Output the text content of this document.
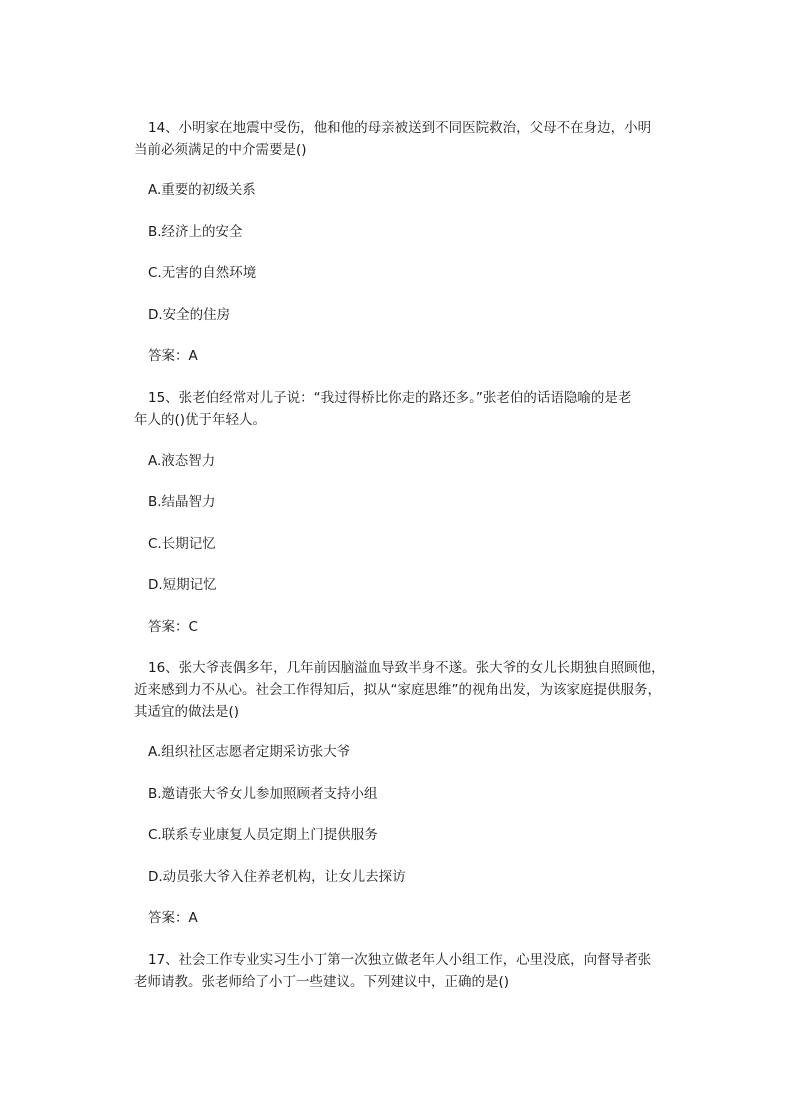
14、小明家在地震中受伤，他和他的母亲被送到不同医院救治，父母不在身边，小明
当前必须满足的中介需要是()
A.重要的初级关系
B.经济上的安全
C.无害的自然环境
D.安全的住房
答案：A
15、张老伯经常对儿子说：“我过得桥比你走的路还多。”张老伯的话语隐喻的是老
年人的()优于年轻人。
A.液态智力
B.结晶智力
C.长期记忆
D.短期记忆
答案：C
16、张大爷丧偶多年，几年前因脑溢血导致半身不遂。张大爷的女儿长期独自照顾他，
近来感到力不从心。社会工作得知后，拟从“家庭思维”的视角出发，为该家庭提供服务，
其适宜的做法是()
A.组织社区志愿者定期采访张大爷
B.邀请张大爷女儿参加照顾者支持小组
C.联系专业康复人员定期上门提供服务
D.动员张大爷入住养老机构，让女儿去探访
答案：A
17、社会工作专业实习生小丁第一次独立做老年人小组工作，心里没底，向督导者张
老师请教。张老师给了小丁一些建议。下列建议中，正确的是()
